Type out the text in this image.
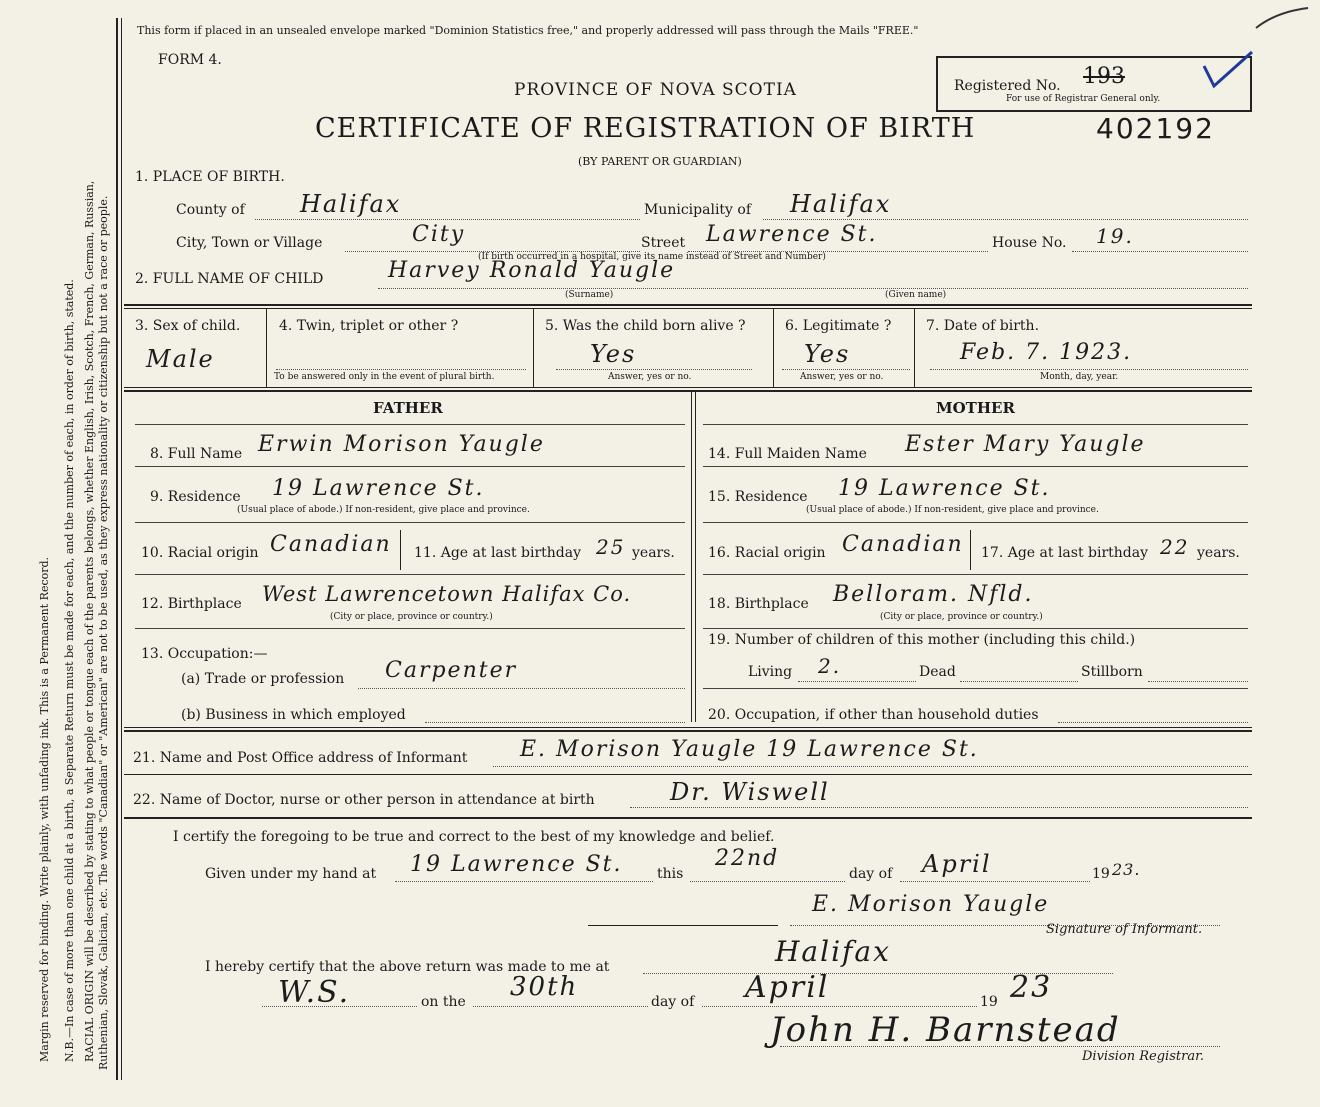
Margin reserved for binding. Write plainly, with unfading ink. This is a Permanent Record. N.B.—In case of more than one child at a birth, a Separate Return must be made for each, and the number of each, in order of birth, stated. RACIAL ORIGIN will be described by stating to what people or tongue each of the parents belongs, whether English, Irish, Scotch, French, German, Russian, Ruthenian, Slovak, Galician, etc. The words "Canadian" or "American" are not to be used, as they express nationality or citizenship but not a race or people.
This form if placed in an unsealed envelope marked "Dominion Statistics free," and properly addressed will pass through the Mails "FREE."
FORM 4.
PROVINCE OF NOVA SCOTIA
CERTIFICATE OF REGISTRATION OF BIRTH
(BY PARENT OR GUARDIAN)
402192
Registered No. 193
For use of Registrar General only.
1. PLACE OF BIRTH.
County of Halifax	Municipality of Halifax
City, Town or Village	City
(If birth occurred in a hospital, give its name instead of Street and Number)
Street Lawrence St.	House No. 19.
2. FULL NAME OF CHILD	Harvey Ronald Yaugle
(Surname)	(Given name)
3. Sex of child.
Male
4. Twin, triplet or other ?
To be answered only in the event of plural birth.
5. Was the child born alive ?
Yes
Answer, yes or no.
6. Legitimate ?
Yes
Answer, yes or no.
7. Date of birth.
Feb. 7. 1923.
Month, day, year.
FATHER
8. Full Name Erwin Morison Yaugle
9. Residence 19 Lawrence St.
(Usual place of abode.) If non-resident, give place and province.
10. Racial origin Canadian 11. Age at last birthday 25 years.
12. Birthplace West Lawrencetown Halifax Co.
(City or place, province or country.)
13. Occupation:—
(a) Trade or profession Carpenter
(b) Business in which employed
MOTHER
14. Full Maiden Name Ester Mary Yaugle
15. Residence 19 Lawrence St.
(Usual place of abode.) If non-resident, give place and province.
16. Racial origin Canadian 17. Age at last birthday 22 years.
18. Birthplace Belloram. Nfld.
(City or place, province or country.)
19. Number of children of this mother (including this child.)
Living 2.	Dead	Stillborn
20. Occupation, if other than household duties
21. Name and Post Office address of Informant E. Morison Yaugle 19 Lawrence St.
22. Name of Doctor, nurse or other person in attendance at birth	Dr. Wiswell
I certify the foregoing to be true and correct to the best of my knowledge and belief.
Given under my hand at 19 Lawrence St. this
22nd
day of April	19 23.
E. Morison Yaugle
Signature of Informant.
I hereby certify that the above return was made to me at	Halifax
W.S.	on the 30th	day of April	19 23
John H. Barnstead
Division Registrar.
